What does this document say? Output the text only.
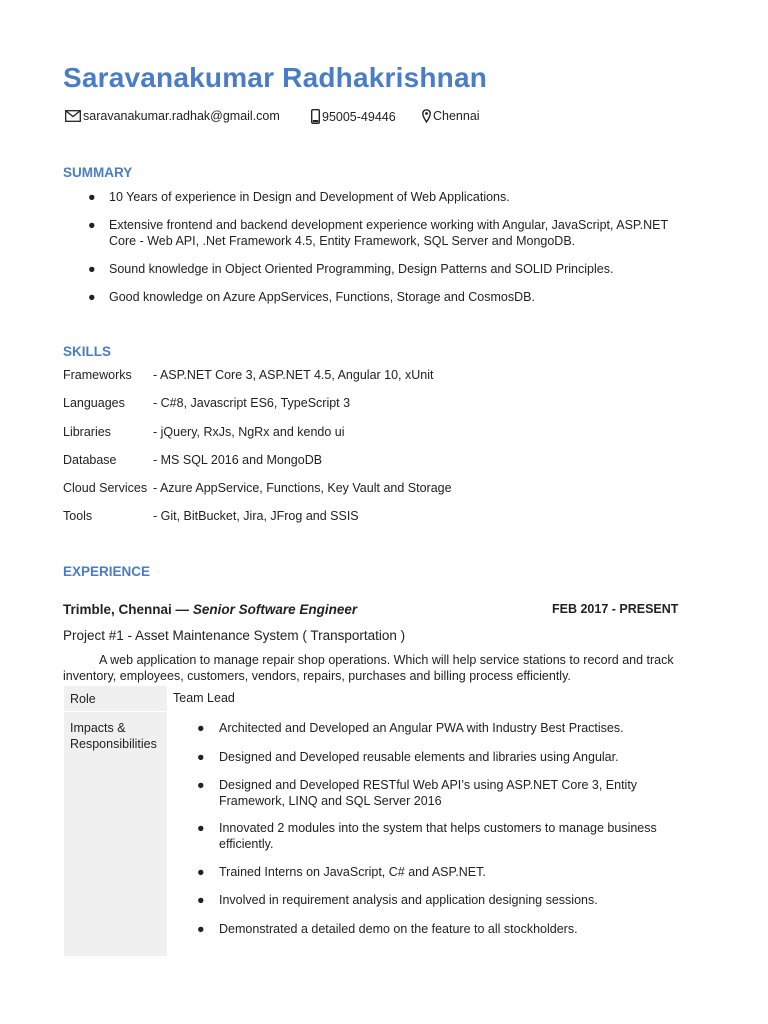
Saravanakumar Radhakrishnan
saravanakumar.radhak@gmail.com	95005-49446	Chennai
SUMMARY
● 10 Years of experience in Design and Development of Web Applications.
● Extensive frontend and backend development experience working with Angular, JavaScript, ASP.NET Core - Web API, .Net Framework 4.5, Entity Framework, SQL Server and MongoDB.
● Sound knowledge in Object Oriented Programming, Design Patterns and SOLID Principles.
● Good knowledge on Azure AppServices, Functions, Storage and CosmosDB.
SKILLS
Frameworks - ASP.NET Core 3, ASP.NET 4.5, Angular 10, xUnit
Languages - C#8, Javascript ES6, TypeScript 3
Libraries	- jQuery, RxJs, NgRx and kendo ui
Database	- MS SQL 2016 and MongoDB
Cloud Services - Azure AppService, Functions, Key Vault and Storage
Tools	- Git, BitBucket, Jira, JFrog and SSIS
EXPERIENCE
Trimble, Chennai — Senior Software Engineer	FEB 2017 - PRESENT
Project #1 - Asset Maintenance System ( Transportation )
A web application to manage repair shop operations. Which will help service stations to record and track inventory, employees, customers, vendors, repairs, purchases and billing process efficiently.
Role	Team Lead
Impacts & Responsibilities
● Architected and Developed an Angular PWA with Industry Best Practises.
● Designed and Developed reusable elements and libraries using Angular.
● Designed and Developed RESTful Web API’s using ASP.NET Core 3, Entity Framework, LINQ and SQL Server 2016
● Innovated 2 modules into the system that helps customers to manage business efficiently.
● Trained Interns on JavaScript, C# and ASP.NET.
● Involved in requirement analysis and application designing sessions.
● Demonstrated a detailed demo on the feature to all stockholders.
